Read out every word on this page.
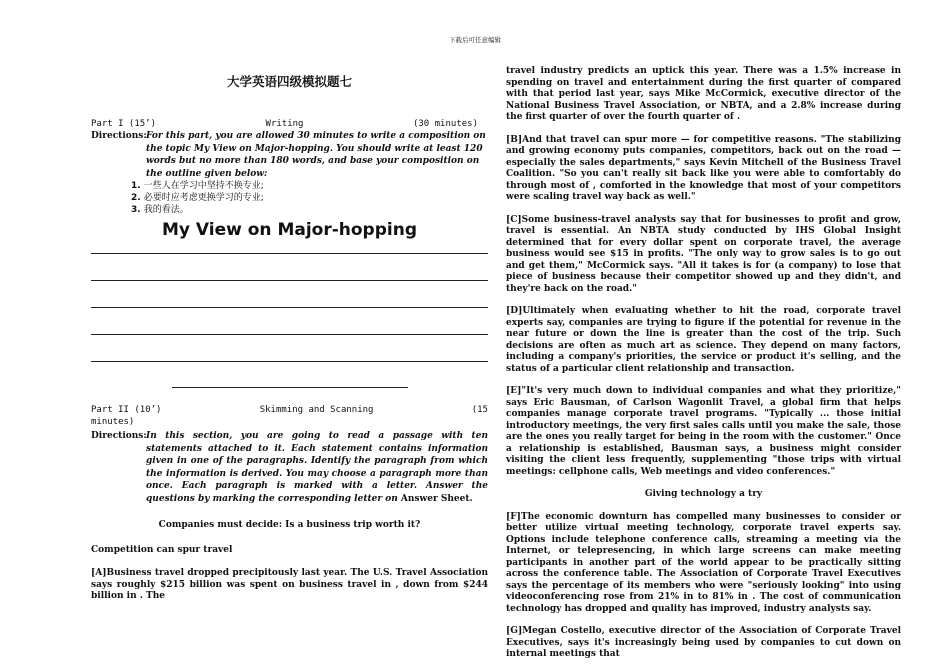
下载后可任意编辑
大学英语四级模拟题七
Part I (15’)	Writing	(30 minutes)
Directions: For this part, you are allowed 30 minutes to write a composition on the topic My View on Major-hopping. You should write at least 120 words but no more than 180 words, and base your composition on the outline given below:
1. 一些人在学习中坚持不换专业;
2. 必要时应考虑更换学习的专业;
3. 我的看法。
My View on Major-hopping
Part II (10’)	Skimming and Scanning	(15
minutes)
Directions: In this section, you are going to read a passage with ten statements attached to it. Each statement contains information given in one of the paragraphs. Identify the paragraph from which the information is derived. You may choose a paragraph more than once. Each paragraph is marked with a letter. Answer the questions by marking the corresponding letter on Answer Sheet.
Companies must decide: Is a business trip worth it?
Competition can spur travel
[A]Business travel dropped precipitously last year. The U.S. Travel Association says roughly $215 billion was spent on business travel in , down from $244 billion in . The
travel industry predicts an uptick this year. There was a 1.5% increase in spending on travel and entertainment during the first quarter of compared with that period last year, says Mike McCormick, executive director of the National Business Travel Association, or NBTA, and a 2.8% increase during the first quarter of over the fourth quarter of .
[B]And that travel can spur more — for competitive reasons. "The stabilizing and growing economy puts companies, competitors, back out on the road — especially the sales departments," says Kevin Mitchell of the Business Travel Coalition. "So you can't really sit back like you were able to comfortably do through most of , comforted in the knowledge that most of your competitors were scaling travel way back as well."
[C]Some business-travel analysts say that for businesses to profit and grow, travel is essential. An NBTA study conducted by IHS Global Insight determined that for every dollar spent on corporate travel, the average business would see $15 in profits. "The only way to grow sales is to go out and get them," McCormick says. "All it takes is for (a company) to lose that piece of business because their competitor showed up and they didn't, and they're back on the road."
[D]Ultimately when evaluating whether to hit the road, corporate travel experts say, companies are trying to figure if the potential for revenue in the near future or down the line is greater than the cost of the trip. Such decisions are often as much art as science. They depend on many factors, including a company's priorities, the service or product it's selling, and the status of a particular client relationship and transaction.
[E]"It's very much down to individual companies and what they prioritize," says Eric Bausman, of Carlson Wagonlit Travel, a global firm that helps companies manage corporate travel programs. "Typically ... those initial introductory meetings, the very first sales calls until you make the sale, those are the ones you really target for being in the room with the customer." Once a relationship is established, Bausman says, a business might consider visiting the client less frequently, supplementing "those trips with virtual meetings: cellphone calls, Web meetings and video conferences."
Giving technology a try
[F]The economic downturn has compelled many businesses to consider or better utilize virtual meeting technology, corporate travel experts say. Options include telephone conference calls, streaming a meeting via the Internet, or telepresencing, in which large screens can make meeting participants in another part of the world appear to be practically sitting across the conference table. The Association of Corporate Travel Executives says the percentage of its members who were "seriously looking" into using videoconferencing rose from 21% in to 81% in . The cost of communication technology has dropped and quality has improved, industry analysts say.
[G]Megan Costello, executive director of the Association of Corporate Travel Executives, says it's increasingly being used by companies to cut down on internal meetings that
